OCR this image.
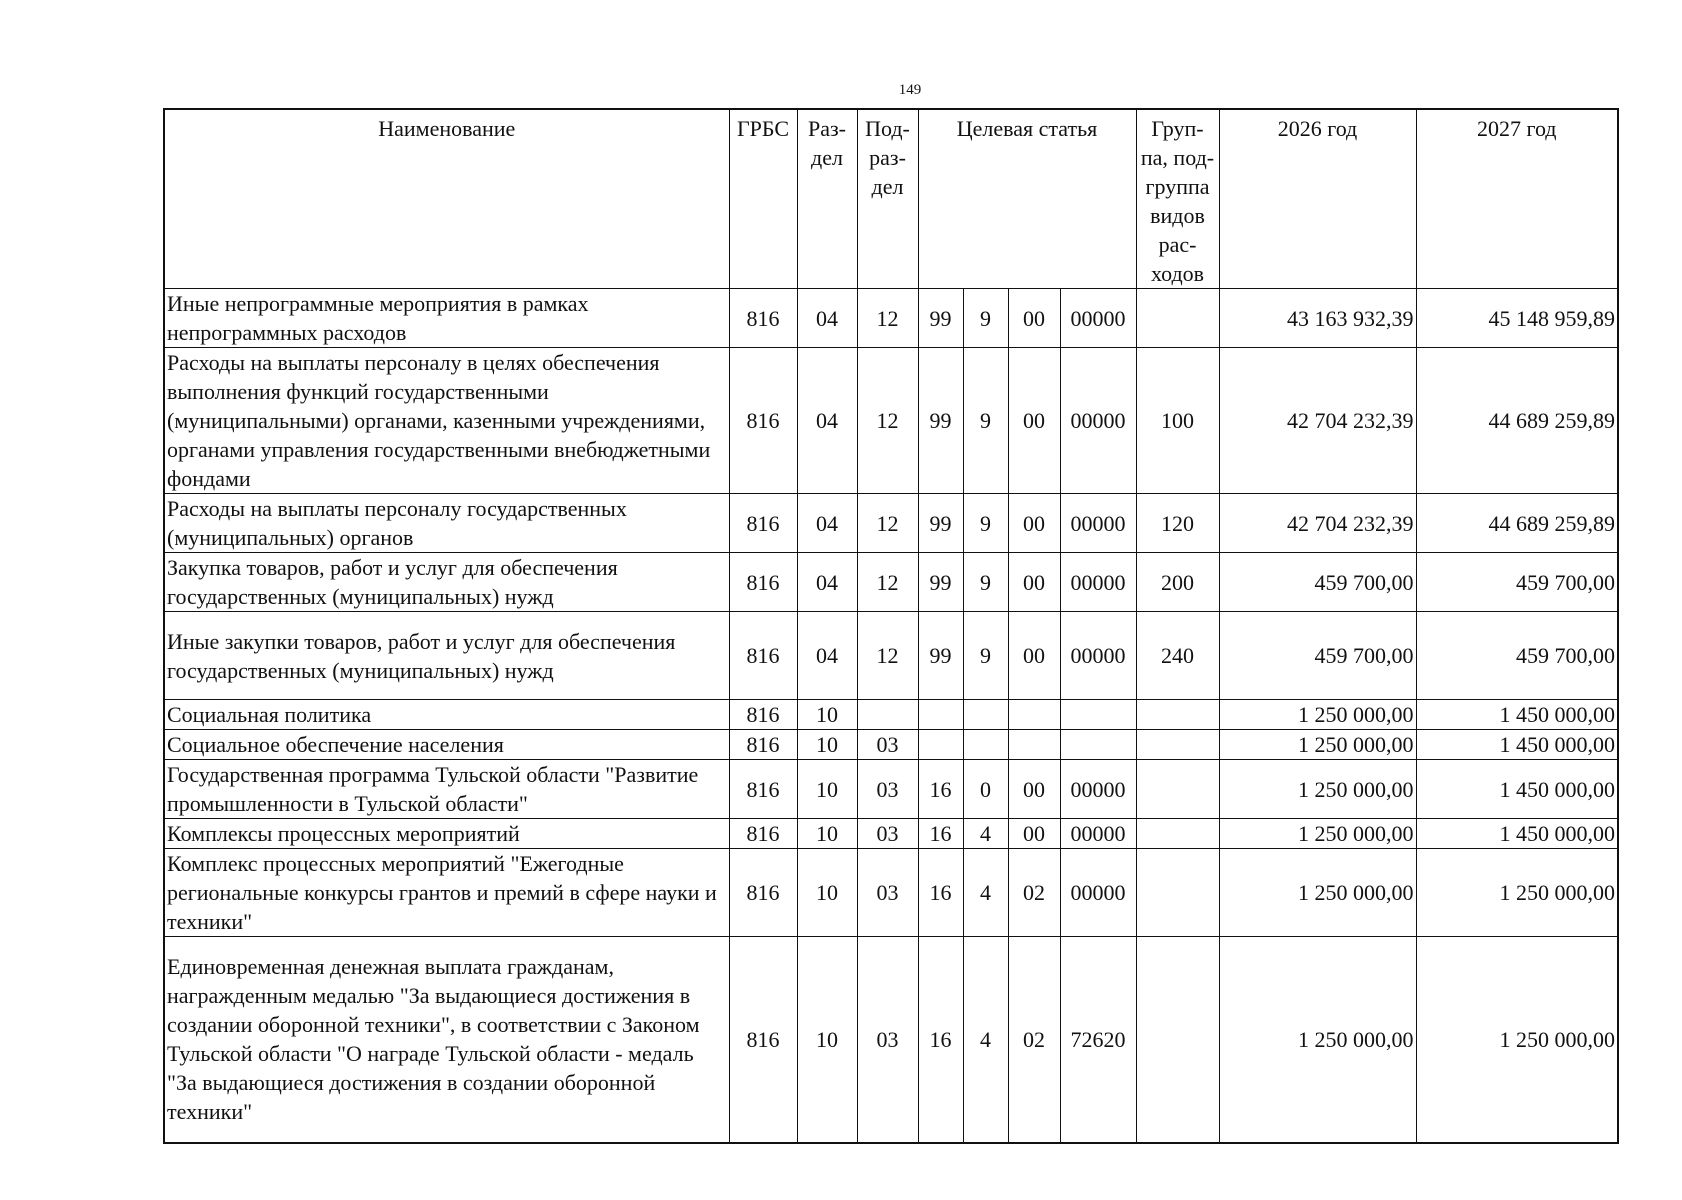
149
Наименование	ГРБС	Раз-дел	Под-раз-дел	Целевая статья				Груп-па, под-группа видов рас-ходов	2026 год	2027 год
Иные непрограммные мероприятия в рамках непрограммных расходов	816	04	12	99	9	00	00000		43 163 932,39	45 148 959,89
Расходы на выплаты персоналу в целях обеспечения выполнения функций государственными (муниципальными) органами, казенными учреждениями, органами управления государственными внебюджетными фондами	816	04	12	99	9	00	00000	100	42 704 232,39	44 689 259,89
Расходы на выплаты персоналу государственных (муниципальных) органов	816	04	12	99	9	00	00000	120	42 704 232,39	44 689 259,89
Закупка товаров, работ и услуг для обеспечения государственных (муниципальных) нужд	816	04	12	99	9	00	00000	200	459 700,00	459 700,00
Иные закупки товаров, работ и услуг для обеспечения государственных (муниципальных) нужд	816	04	12	99	9	00	00000	240	459 700,00	459 700,00
Социальная политика	816	10							1 250 000,00	1 450 000,00
Социальное обеспечение населения	816	10	03						1 250 000,00	1 450 000,00
Государственная программа Тульской области "Развитие промышленности в Тульской области"	816	10	03	16	0	00	00000		1 250 000,00	1 450 000,00
Комплексы процессных мероприятий	816	10	03	16	4	00	00000		1 250 000,00	1 450 000,00
Комплекс процессных мероприятий "Ежегодные региональные конкурсы грантов и премий в сфере науки и техники"	816	10	03	16	4	02	00000		1 250 000,00	1 250 000,00
Единовременная денежная выплата гражданам, награжденным медалью "За выдающиеся достижения в создании оборонной техники", в соответствии с Законом Тульской области "О награде Тульской области - медаль "За выдающиеся достижения в создании оборонной техники"	816	10	03	16	4	02	72620		1 250 000,00	1 250 000,00
